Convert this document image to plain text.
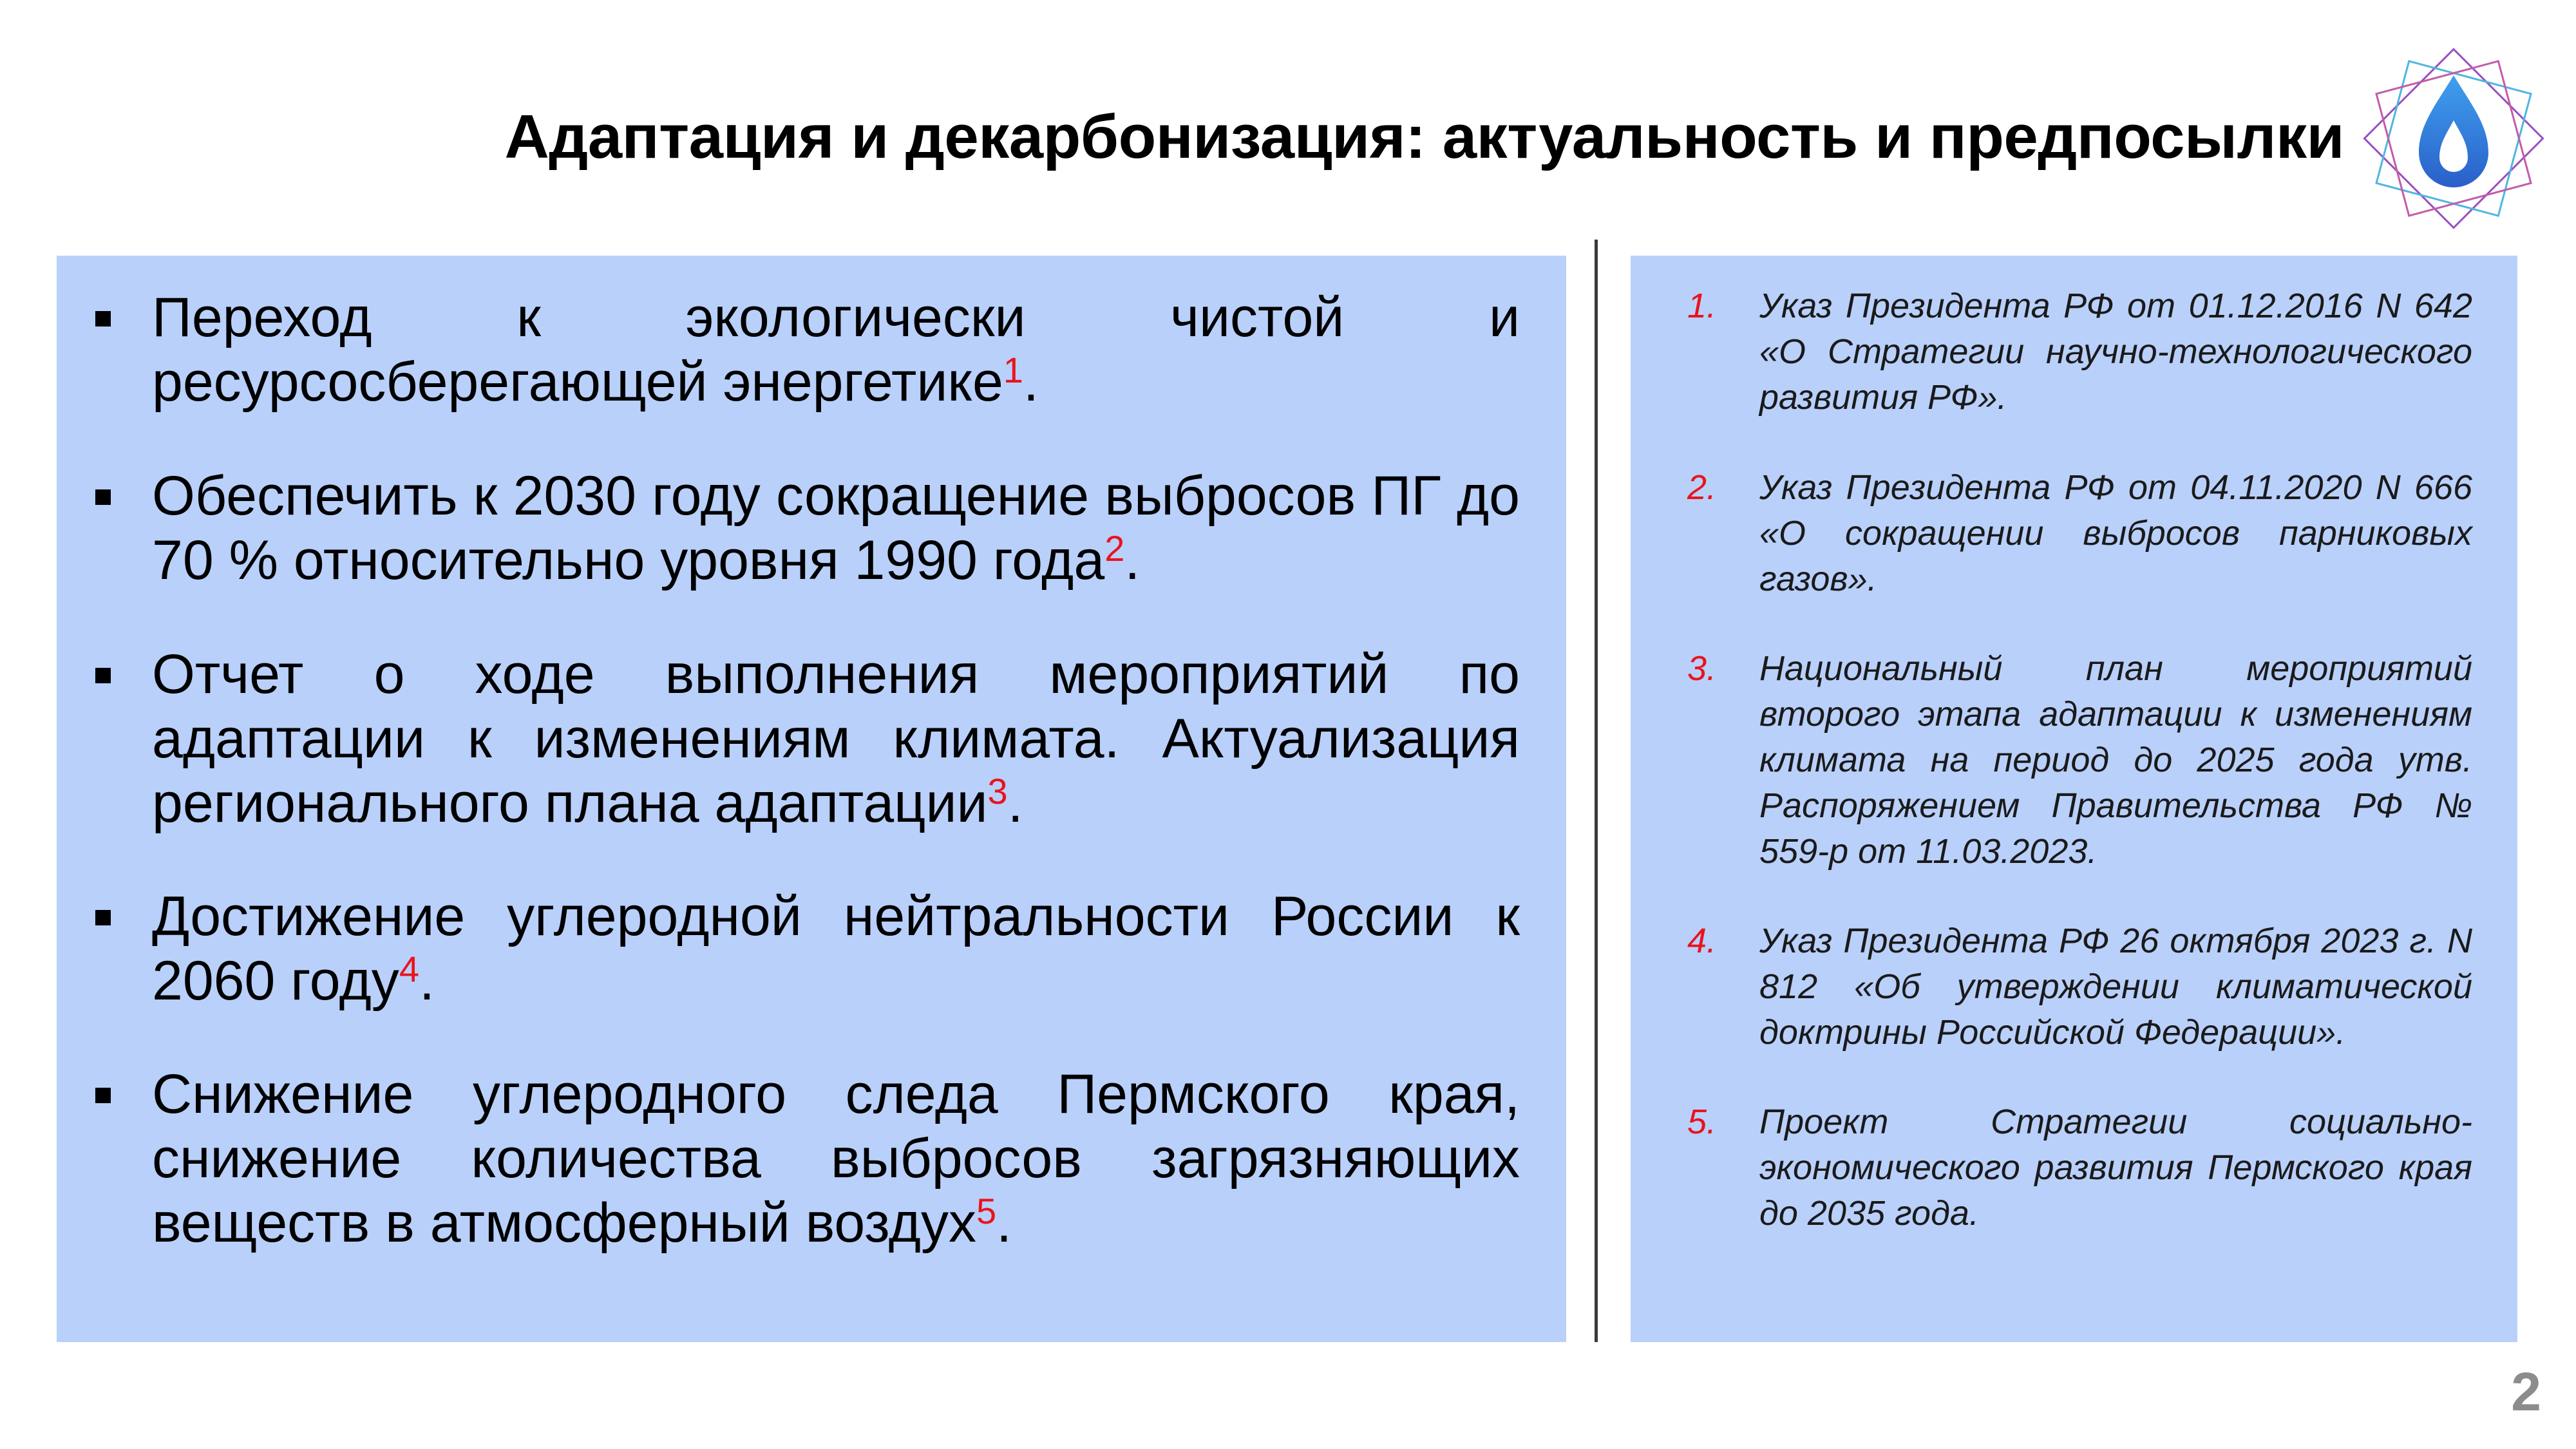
Адаптация и декарбонизация: актуальность и предпосылки
Переход к экологически чистой и ресурсосберегающей энергетике$^1$.
Обеспечить к 2030 году сокращение выбросов ПГ до 70 % относительно уровня 1990 года$^2$.
Отчет о ходе выполнения мероприятий по адаптации к изменениям климата. Актуализация регионального плана адаптации$^3$.
Достижение углеродной нейтральности России к 2060 году$^4$.
Снижение углеродного следа Пермского края, снижение количества выбросов загрязняющих веществ в атмосферный воздух$^5$.
1. Указ Президента РФ от 01.12.2016 N 642 «О Стратегии научно-технологического развития РФ».
2. Указ Президента РФ от 04.11.2020 N 666 «О сокращении выбросов парниковых газов».
3. Национальный план мероприятий второго этапа адаптации к изменениям климата на период до 2025 года утв. Распоряжением Правительства РФ № 559-р от 11.03.2023.
4. Указ Президента РФ 26 октября 2023 г. N 812 «Об утверждении климатической доктрины Российской Федерации».
5. Проект Стратегии социально-экономического развития Пермского края до 2035 года.
2
